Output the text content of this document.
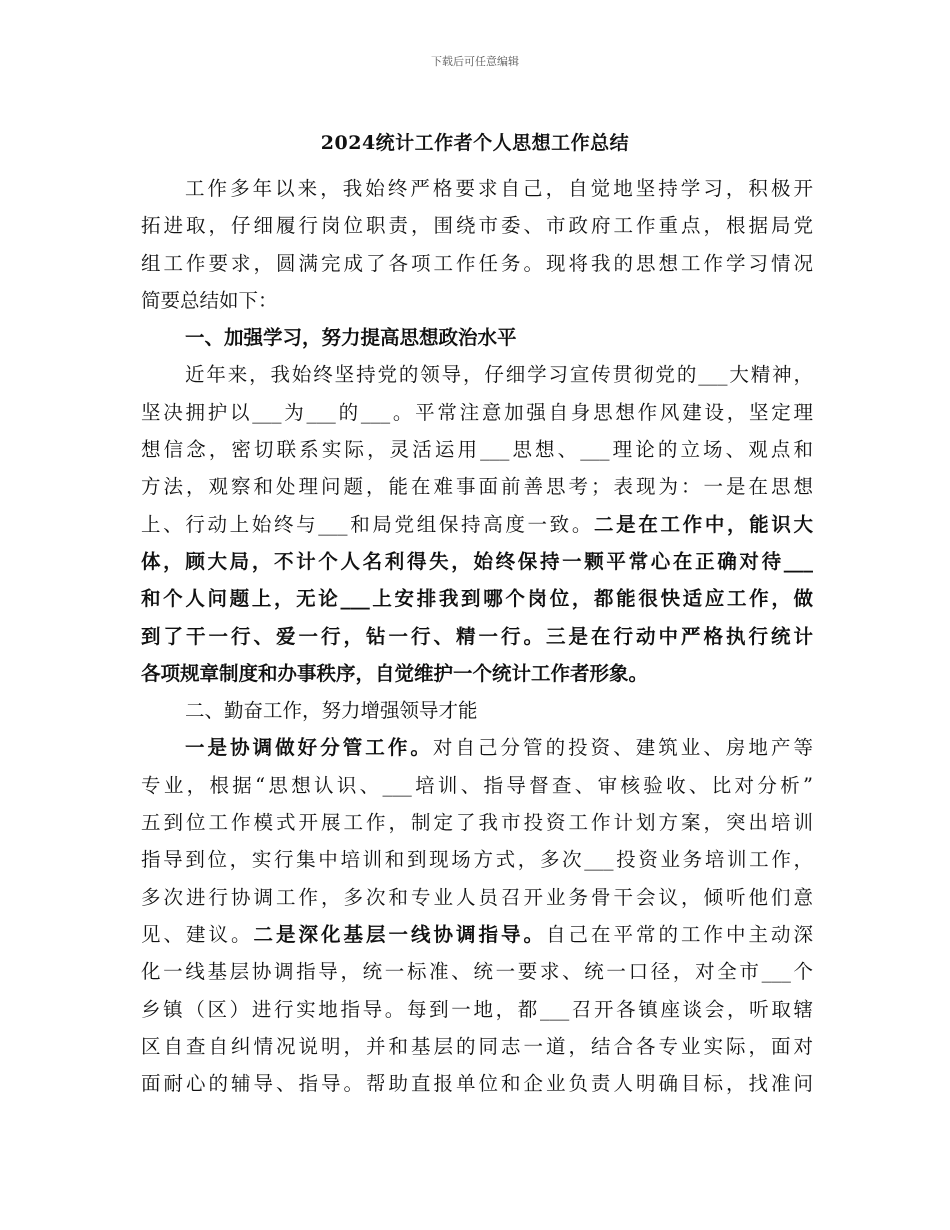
下载后可任意编辑
2024统计工作者个人思想工作总结
工作多年以来，我始终严格要求自己，自觉地坚持学习，积极开
拓进取，仔细履行岗位职责，围绕市委、市政府工作重点，根据局党
组工作要求，圆满完成了各项工作任务。现将我的思想工作学习情况
简要总结如下：
一、加强学习，努力提高思想政治水平
近年来，我始终坚持党的领导，仔细学习宣传贯彻党的___大精神，
坚决拥护以___为___的___。平常注意加强自身思想作风建设，坚定理
想信念，密切联系实际，灵活运用___思想、___理论的立场、观点和
方法，观察和处理问题，能在难事面前善思考；表现为：一是在思想
上、行动上始终与___和局党组保持高度一致。二是在工作中，能识大
体，顾大局，不计个人名利得失，始终保持一颗平常心在正确对待___
和个人问题上，无论___上安排我到哪个岗位，都能很快适应工作，做
到了干一行、爱一行，钻一行、精一行。三是在行动中严格执行统计
各项规章制度和办事秩序，自觉维护一个统计工作者形象。
二、勤奋工作，努力增强领导才能
一是协调做好分管工作。对自己分管的投资、建筑业、房地产等
专业，根据“思想认识、___培训、指导督查、审核验收、比对分析”
五到位工作模式开展工作，制定了我市投资工作计划方案，突出培训
指导到位，实行集中培训和到现场方式，多次___投资业务培训工作，
多次进行协调工作，多次和专业人员召开业务骨干会议，倾听他们意
见、建议。二是深化基层一线协调指导。自己在平常的工作中主动深
化一线基层协调指导，统一标准、统一要求、统一口径，对全市___个
乡镇（区）进行实地指导。每到一地，都___召开各镇座谈会，听取辖
区自查自纠情况说明，并和基层的同志一道，结合各专业实际，面对
面耐心的辅导、指导。帮助直报单位和企业负责人明确目标，找准问
